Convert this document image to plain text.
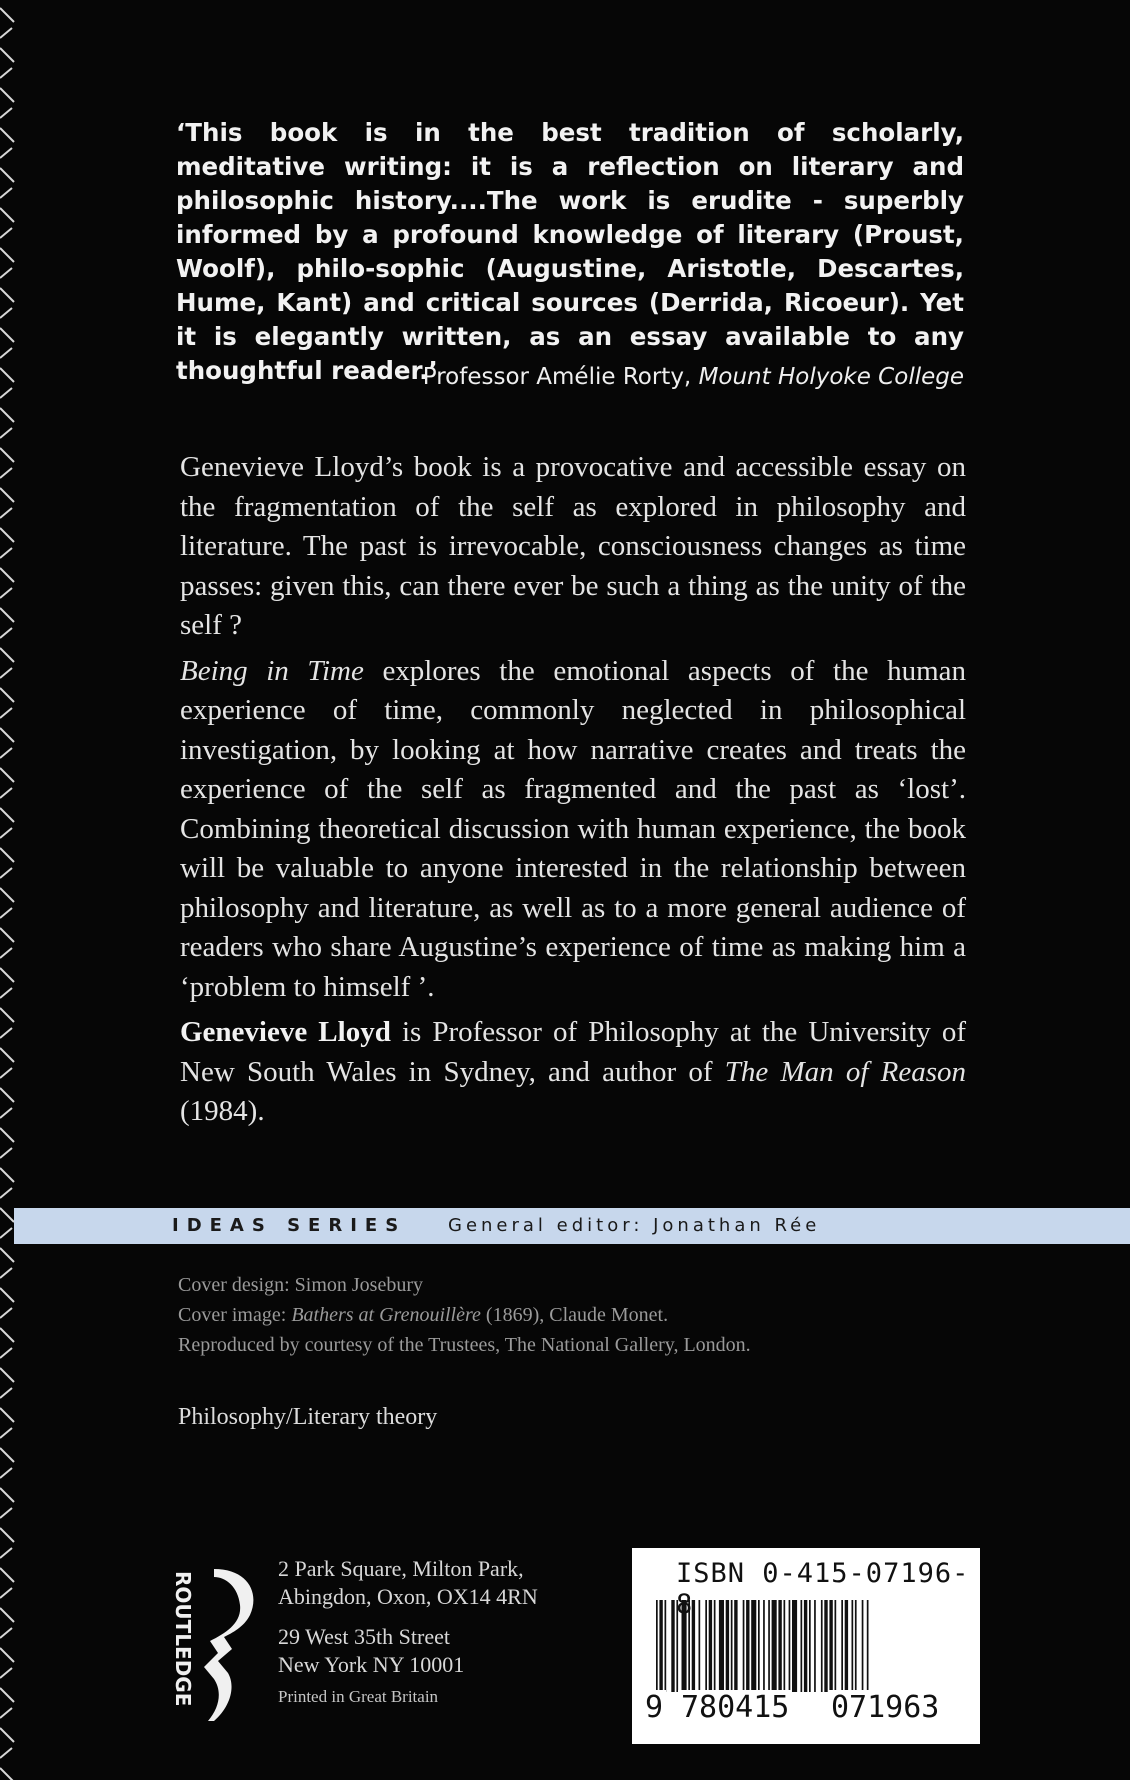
‘This book is in the best tradition of scholarly, meditative writing: it is a reflection on literary and philosophic history....The work is erudite - superbly informed by a profound knowledge of literary (Proust, Woolf), philo-sophic (Augustine, Aristotle, Descartes, Hume, Kant) and critical sources (Derrida, Ricoeur). Yet it is elegantly written, as an essay available to any thoughtful reader.’
Professor Amélie Rorty, Mount Holyoke College

Genevieve Lloyd’s book is a provocative and accessible essay on the fragmentation of the self as explored in philosophy and literature. The past is irrevocable, consciousness changes as time passes: given this, can there ever be such a thing as the unity of the self ?

Being in Time explores the emotional aspects of the human experience of time, commonly neglected in philosophical investigation, by looking at how narrative creates and treats the experience of the self as fragmented and the past as ‘lost’. Combining theoretical discussion with human experience, the book will be valuable to anyone interested in the relationship between philosophy and literature, as well as to a more general audience of readers who share Augustine’s experience of time as making him a ‘problem to himself ’.

Genevieve Lloyd is Professor of Philosophy at the University of New South Wales in Sydney, and author of The Man of Reason (1984).

IDEAS SERIES General editor: Jonathan Rée
Cover design: Simon Josebury
Cover image: Bathers at Grenouillère (1869), Claude Monet.
Reproduced by courtesy of the Trustees, The National Gallery, London.
Philosophy/Literary theory
ROUTLEDGE
2 Park Square, Milton Park,
Abingdon, Oxon, OX14 4RN
29 West 35th Street
New York NY 10001
Printed in Great Britain
ISBN 0-415-07196-
9 780415 071963
